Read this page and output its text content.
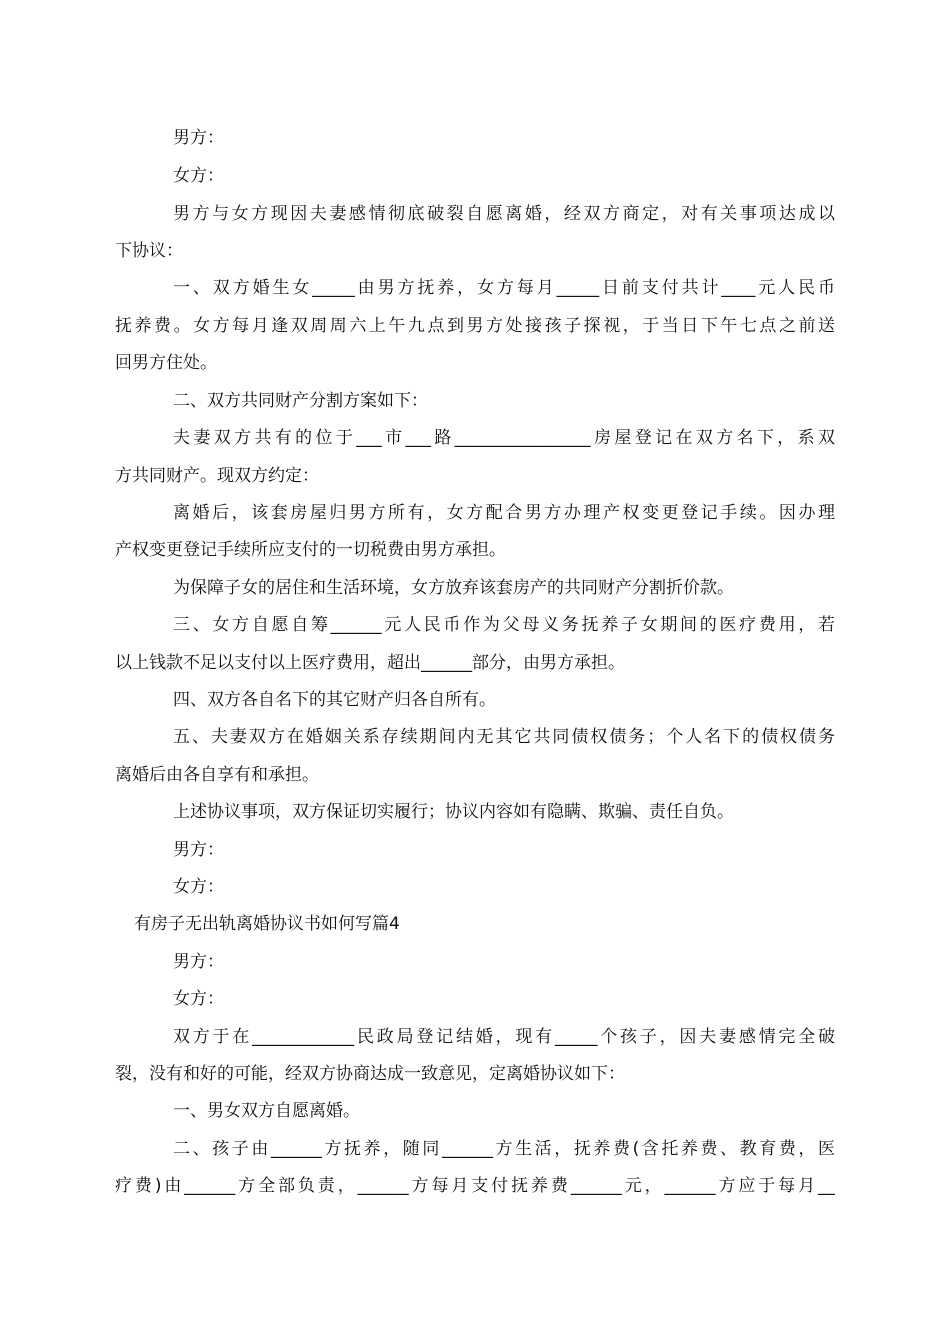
男方：
女方：
男方与女方现因夫妻感情彻底破裂自愿离婚，经双方商定，对有关事项达成以
下协议：
一、双方婚生女_____由男方抚养，女方每月_____日前支付共计____元人民币
抚养费。女方每月逢双周周六上午九点到男方处接孩子探视，于当日下午七点之前送
回男方住处。
二、双方共同财产分割方案如下：
夫妻双方共有的位于___市___路________________房屋登记在双方名下，系双
方共同财产。现双方约定：
离婚后，该套房屋归男方所有，女方配合男方办理产权变更登记手续。因办理
产权变更登记手续所应支付的一切税费由男方承担。
为保障子女的居住和生活环境，女方放弃该套房产的共同财产分割折价款。
三、女方自愿自筹______元人民币作为父母义务抚养子女期间的医疗费用，若
以上钱款不足以支付以上医疗费用，超出______部分，由男方承担。
四、双方各自名下的其它财产归各自所有。
五、夫妻双方在婚姻关系存续期间内无其它共同债权债务；个人名下的债权债务
离婚后由各自享有和承担。
上述协议事项，双方保证切实履行；协议内容如有隐瞒、欺骗、责任自负。
男方：
女方：
有房子无出轨离婚协议书如何写篇4
男方：
女方：
双方于在____________民政局登记结婚，现有_____个孩子，因夫妻感情完全破
裂，没有和好的可能，经双方协商达成一致意见，定离婚协议如下：
一、男女双方自愿离婚。
二、孩子由______方抚养，随同______方生活，抚养费(含托养费、教育费，医
疗费)由______方全部负责，______方每月支付抚养费______元，______方应于每月__
